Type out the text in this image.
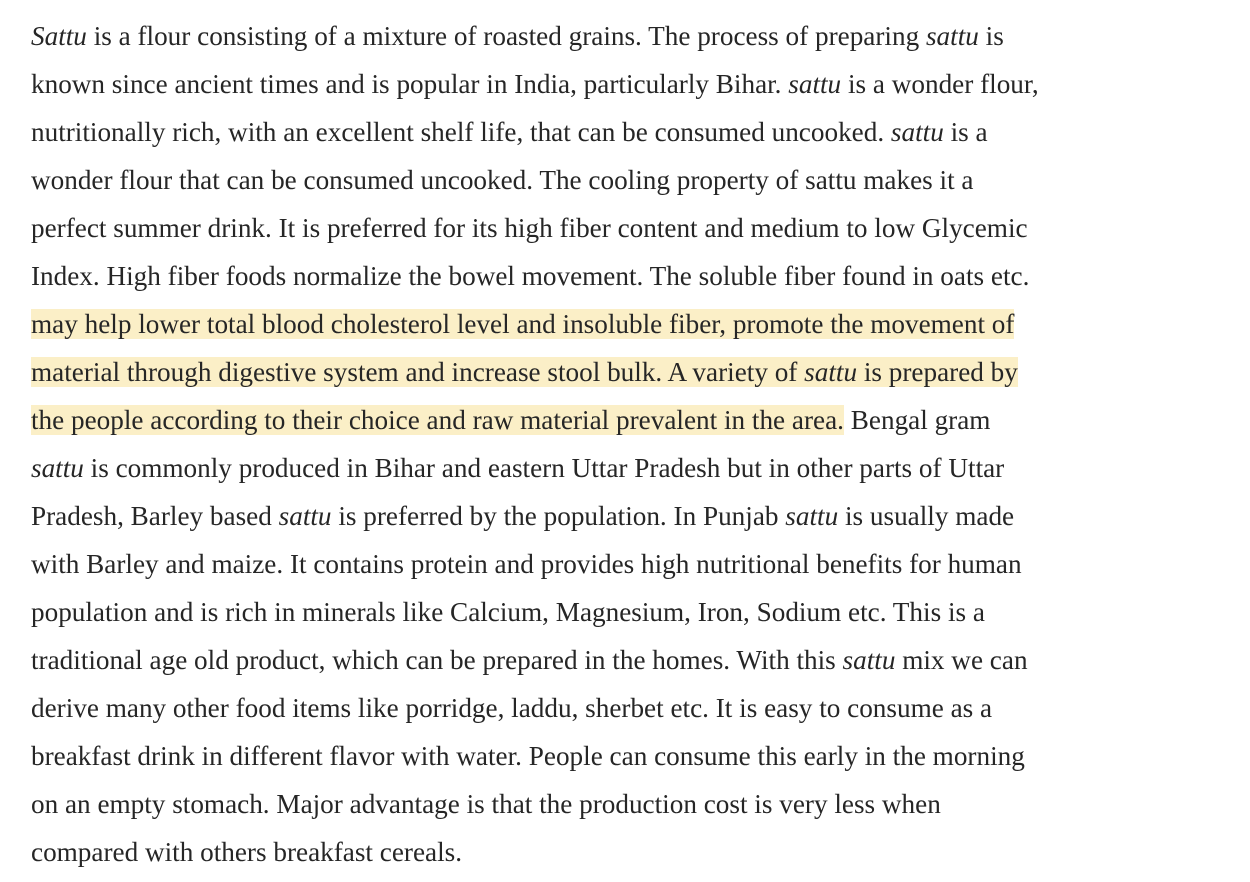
Sattu is a flour consisting of a mixture of roasted grains. The process of preparing sattu is
known since ancient times and is popular in India, particularly Bihar. sattu is a wonder flour,
nutritionally rich, with an excellent shelf life, that can be consumed uncooked. sattu is a
wonder flour that can be consumed uncooked. The cooling property of sattu makes it a
perfect summer drink. It is preferred for its high fiber content and medium to low Glycemic
Index. High fiber foods normalize the bowel movement. The soluble fiber found in oats etc.
may help lower total blood cholesterol level and insoluble fiber, promote the movement of
material through digestive system and increase stool bulk. A variety of sattu is prepared by
the people according to their choice and raw material prevalent in the area. Bengal gram
sattu is commonly produced in Bihar and eastern Uttar Pradesh but in other parts of Uttar
Pradesh, Barley based sattu is preferred by the population. In Punjab sattu is usually made
with Barley and maize. It contains protein and provides high nutritional benefits for human
population and is rich in minerals like Calcium, Magnesium, Iron, Sodium etc. This is a
traditional age old product, which can be prepared in the homes. With this sattu mix we can
derive many other food items like porridge, laddu, sherbet etc. It is easy to consume as a
breakfast drink in different flavor with water. People can consume this early in the morning
on an empty stomach. Major advantage is that the production cost is very less when
compared with others breakfast cereals.
